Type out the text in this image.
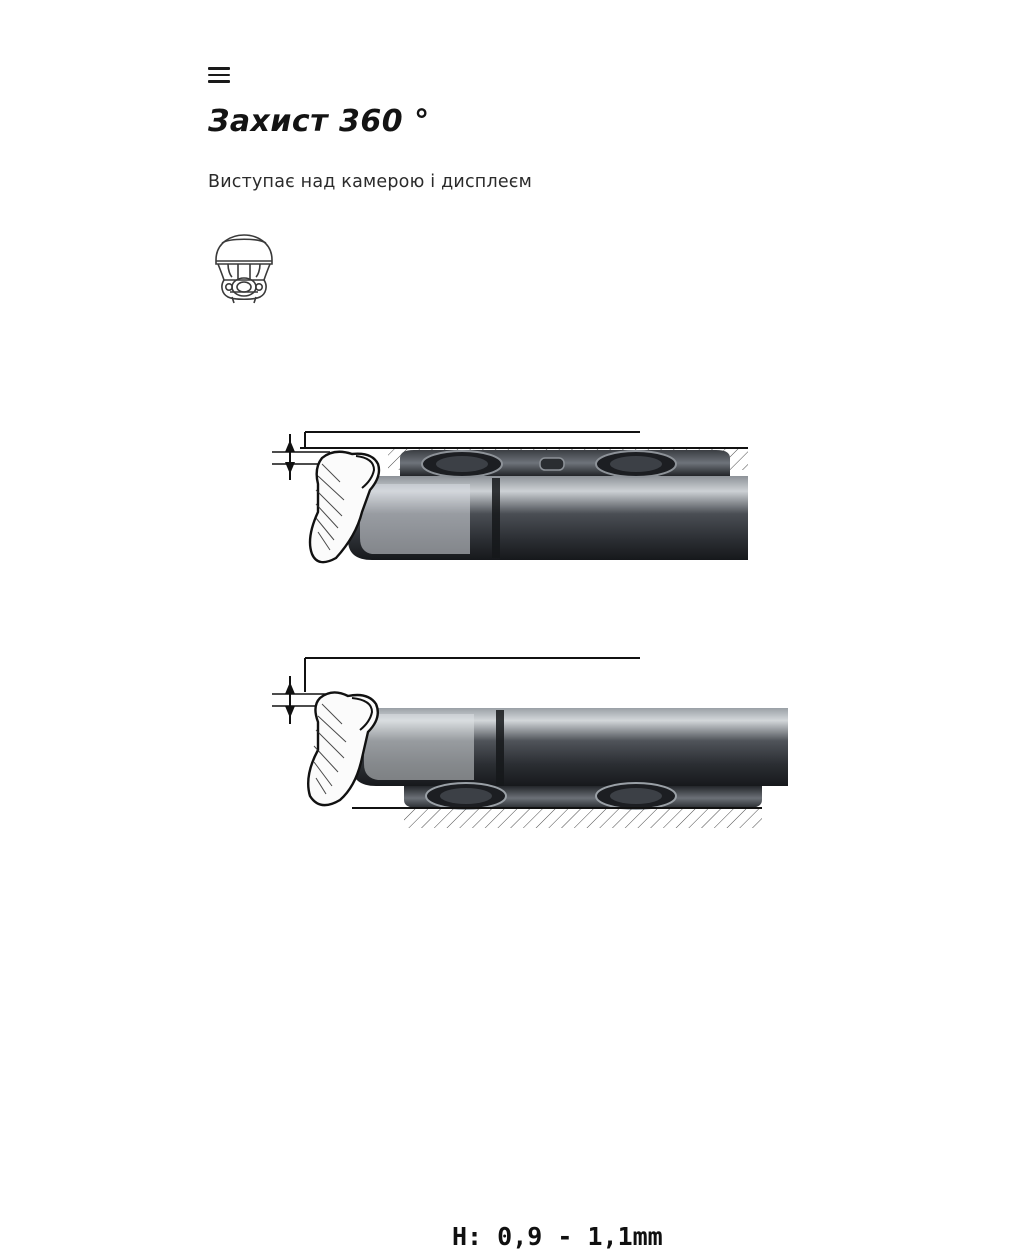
Захист 360 °
Виступає над камерою і дисплеєм
H: 0,9 - 1,1mm
